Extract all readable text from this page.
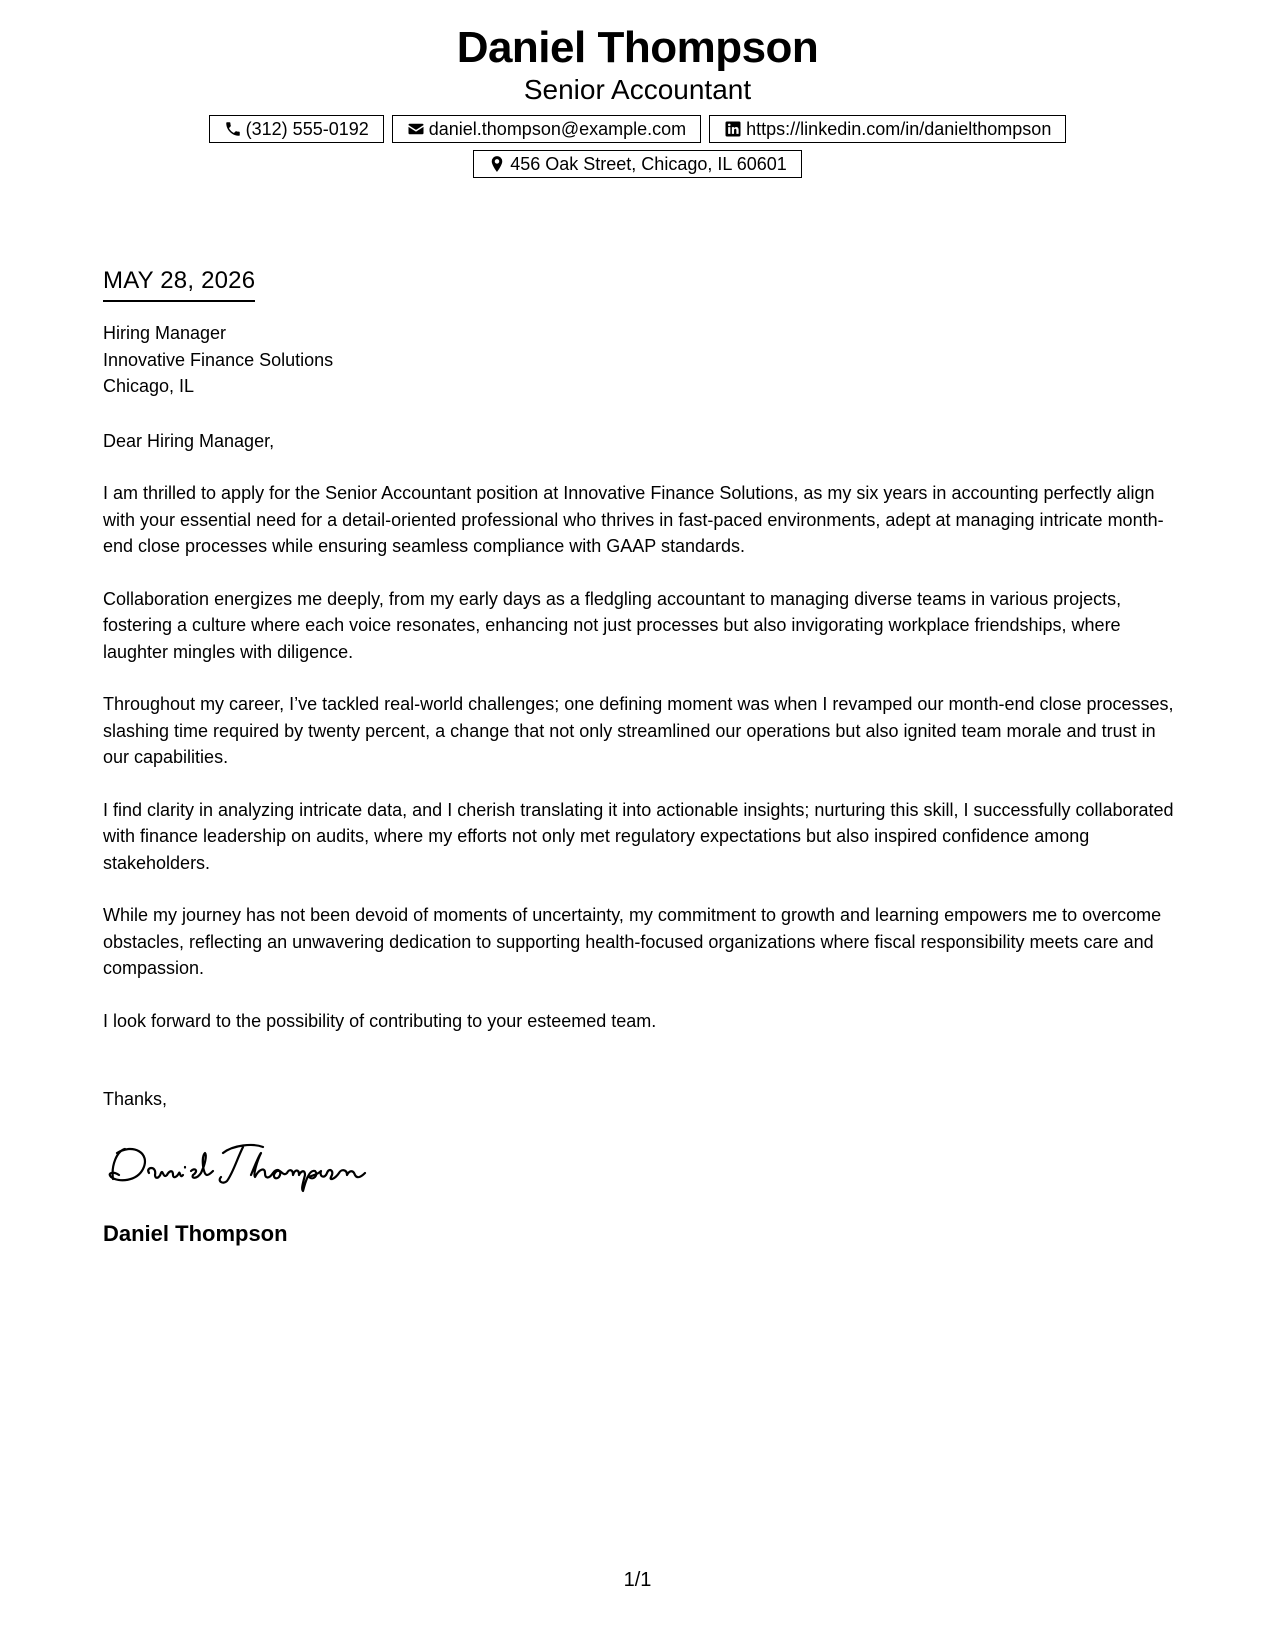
Daniel Thompson
Senior Accountant
(312) 555-0192	daniel.thompson@example.com	https://linkedin.com/in/danielthompson
456 Oak Street, Chicago, IL 60601
MAY 28, 2026
Hiring Manager
Innovative Finance Solutions
Chicago, IL
Dear Hiring Manager,

I am thrilled to apply for the Senior Accountant position at Innovative Finance Solutions, as my six years in accounting perfectly align with your essential need for a detail-oriented professional who thrives in fast-paced environments, adept at managing intricate month-end close processes while ensuring seamless compliance with GAAP standards.

Collaboration energizes me deeply, from my early days as a fledgling accountant to managing diverse teams in various projects, fostering a culture where each voice resonates, enhancing not just processes but also invigorating workplace friendships, where laughter mingles with diligence.

Throughout my career, I’ve tackled real-world challenges; one defining moment was when I revamped our month-end close processes, slashing time required by twenty percent, a change that not only streamlined our operations but also ignited team morale and trust in our capabilities.

I find clarity in analyzing intricate data, and I cherish translating it into actionable insights; nurturing this skill, I successfully collaborated with finance leadership on audits, where my efforts not only met regulatory expectations but also inspired confidence among stakeholders.

While my journey has not been devoid of moments of uncertainty, my commitment to growth and learning empowers me to overcome obstacles, reflecting an unwavering dedication to supporting health-focused organizations where fiscal responsibility meets care and compassion.

I look forward to the possibility of contributing to your esteemed team.

Thanks,
Daniel Thompson
1/1
